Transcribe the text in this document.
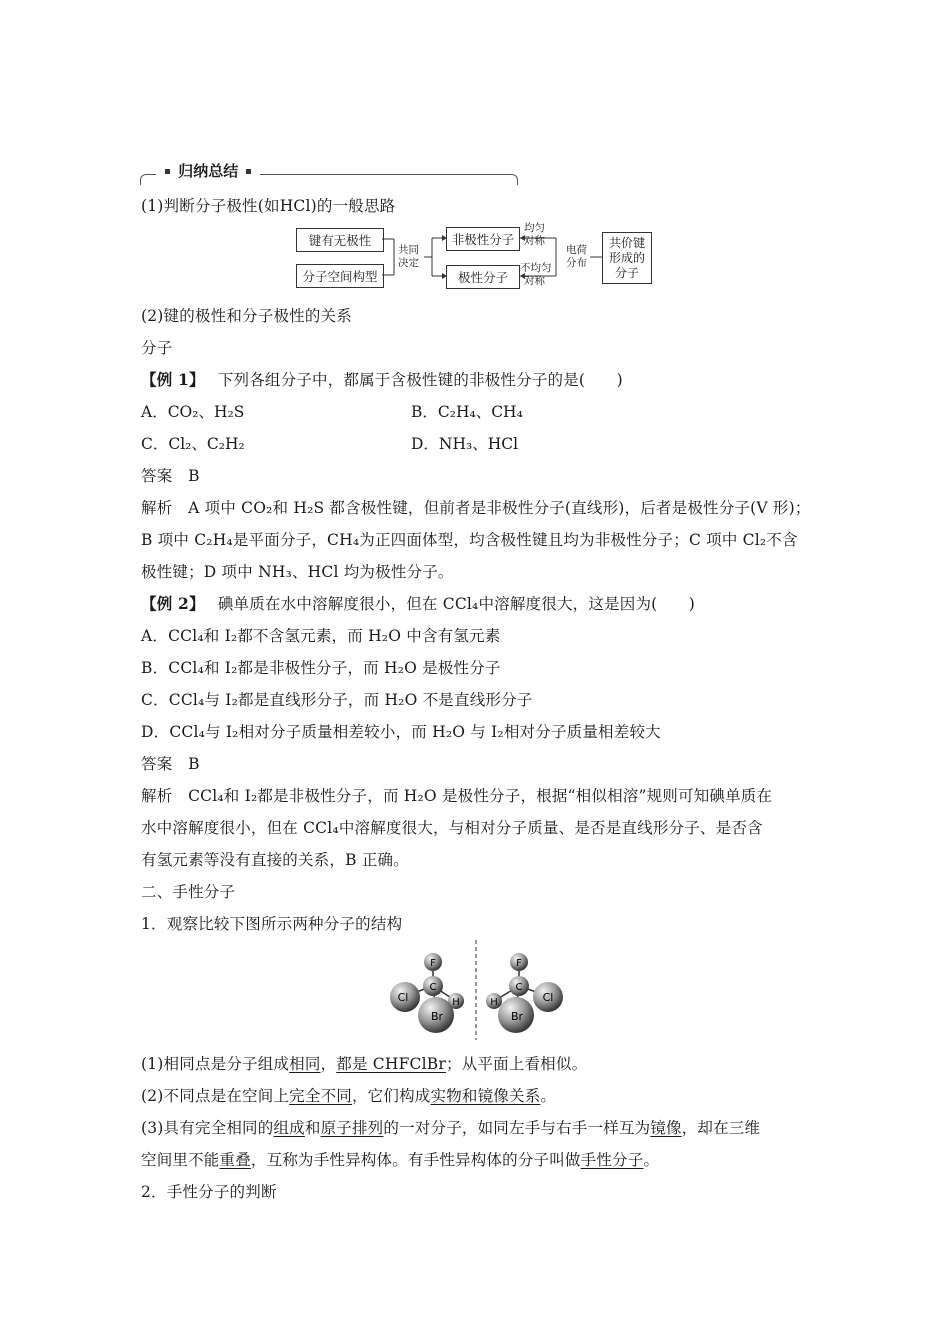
归纳总结
(1)判断分子极性(如HCl)的一般思路
键有无极性
分子空间构型
共同
决定
非极性分子
极性分子
均匀
对称
不均匀
对称
电荷
分布
共价键
形成的
分子
(2)键的极性和分子极性的关系
分子
【例 1】 下列各组分子中，都属于含极性键的非极性分子的是(　　)
A．CO₂、H₂S	B．C₂H₄、CH₄
C．Cl₂、C₂H₂	D．NH₃、HCl
答案　B
解析　A 项中 CO₂和 H₂S 都含极性键，但前者是非极性分子(直线形)，后者是极性分子(V 形)；
B 项中 C₂H₄是平面分子，CH₄为正四面体型，均含极性键且均为非极性分子；C 项中 Cl₂不含
极性键；D 项中 NH₃、HCl 均为极性分子。
【例 2】 碘单质在水中溶解度很小，但在 CCl₄中溶解度很大，这是因为(　　)
A．CCl₄和 I₂都不含氢元素，而 H₂O 中含有氢元素
B．CCl₄和 I₂都是非极性分子，而 H₂O 是极性分子
C．CCl₄与 I₂都是直线形分子，而 H₂O 不是直线形分子
D．CCl₄与 I₂相对分子质量相差较小，而 H₂O 与 I₂相对分子质量相差较大
答案　B
解析　CCl₄和 I₂都是非极性分子，而 H₂O 是极性分子，根据“相似相溶”规则可知碘单质在
水中溶解度很小，但在 CCl₄中溶解度很大，与相对分子质量、是否是直线形分子、是否含
有氢元素等没有直接的关系，B 正确。
二、手性分子
1．观察比较下图所示两种分子的结构
F
Cl
C
H
Br
F
Cl
C
H
Br
(1)相同点是分子组成相同，都是 CHFClBr；从平面上看相似。
(2)不同点是在空间上完全不同，它们构成实物和镜像关系。
(3)具有完全相同的组成和原子排列的一对分子，如同左手与右手一样互为镜像，却在三维
空间里不能重叠，互称为手性异构体。有手性异构体的分子叫做手性分子。
2．手性分子的判断
